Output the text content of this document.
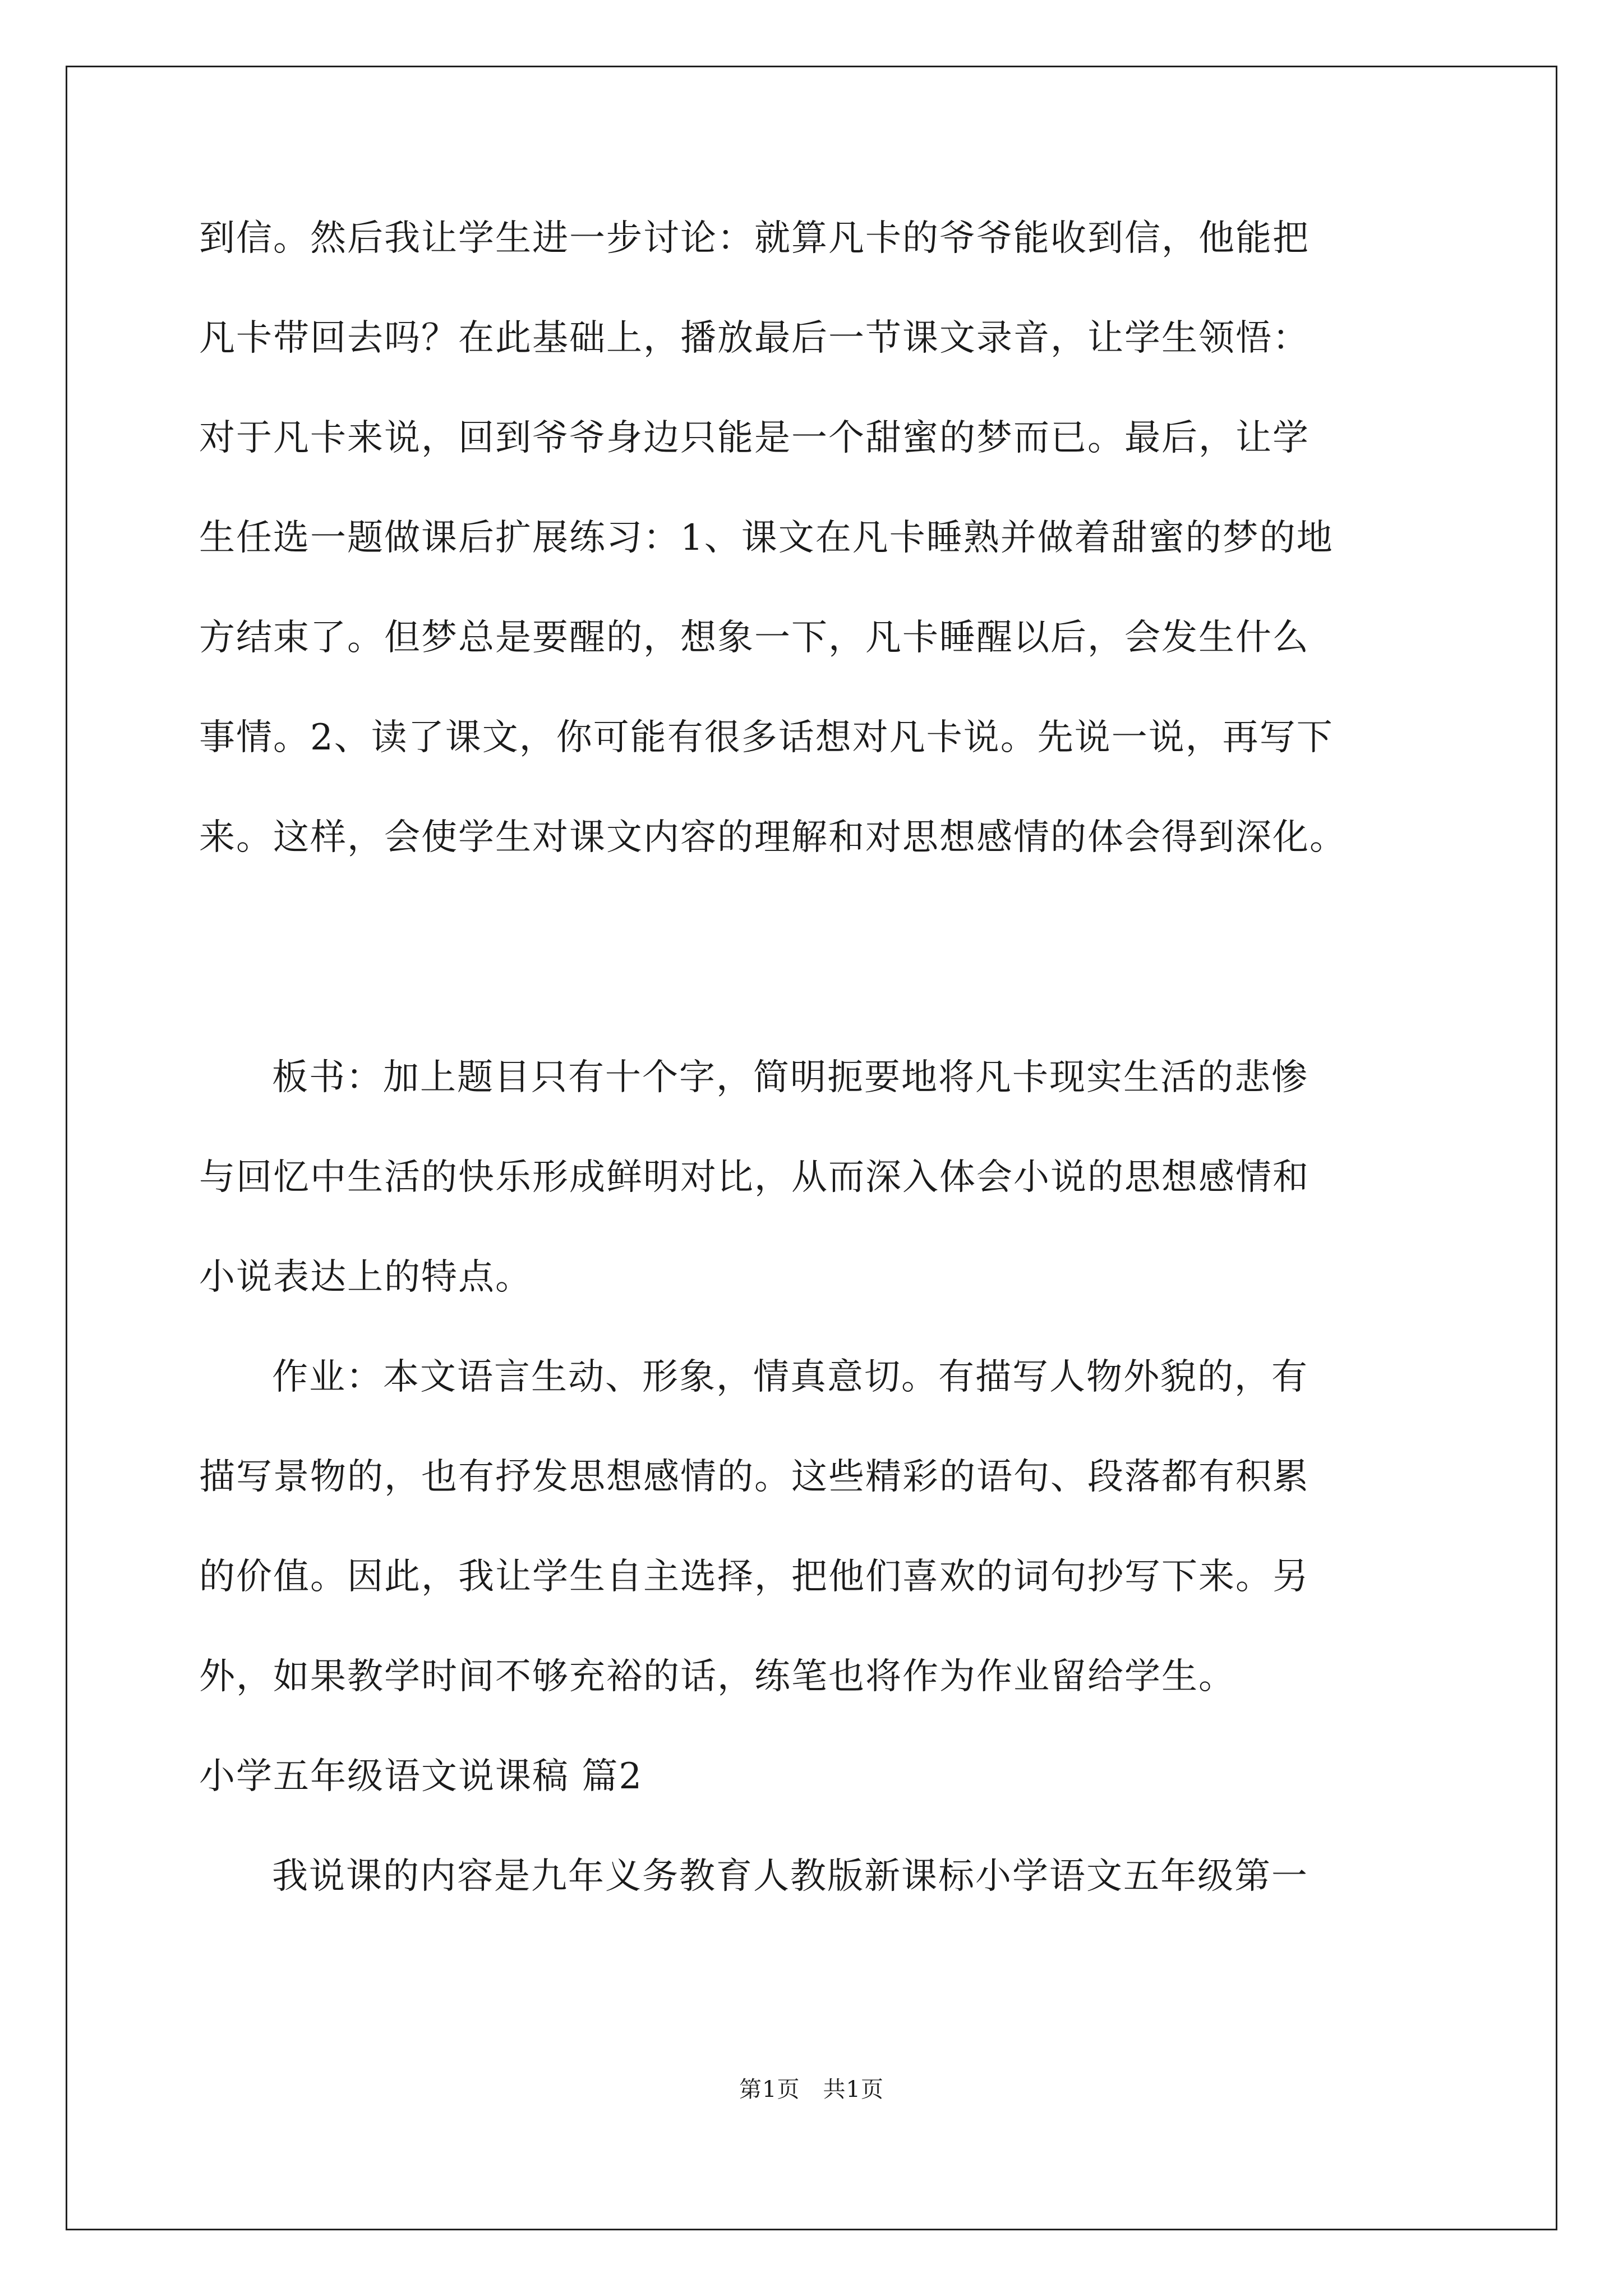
到信。然后我让学生进一步讨论：就算凡卡的爷爷能收到信，他能把
凡卡带回去吗？在此基础上，播放最后一节课文录音，让学生领悟：
对于凡卡来说，回到爷爷身边只能是一个甜蜜的梦而已。最后，让学
生任选一题做课后扩展练习：1、课文在凡卡睡熟并做着甜蜜的梦的地
方结束了。但梦总是要醒的，想象一下，凡卡睡醒以后，会发生什么
事情。2、读了课文，你可能有很多话想对凡卡说。先说一说，再写下
来。这样，会使学生对课文内容的理解和对思想感情的体会得到深化。
板书：加上题目只有十个字，简明扼要地将凡卡现实生活的悲惨
与回忆中生活的快乐形成鲜明对比，从而深入体会小说的思想感情和
小说表达上的特点。
作业：本文语言生动、形象，情真意切。有描写人物外貌的，有
描写景物的，也有抒发思想感情的。这些精彩的语句、段落都有积累
的价值。因此，我让学生自主选择，把他们喜欢的词句抄写下来。另
外，如果教学时间不够充裕的话，练笔也将作为作业留给学生。
小学五年级语文说课稿 篇2
我说课的内容是九年义务教育人教版新课标小学语文五年级第一
第1页　共1页
